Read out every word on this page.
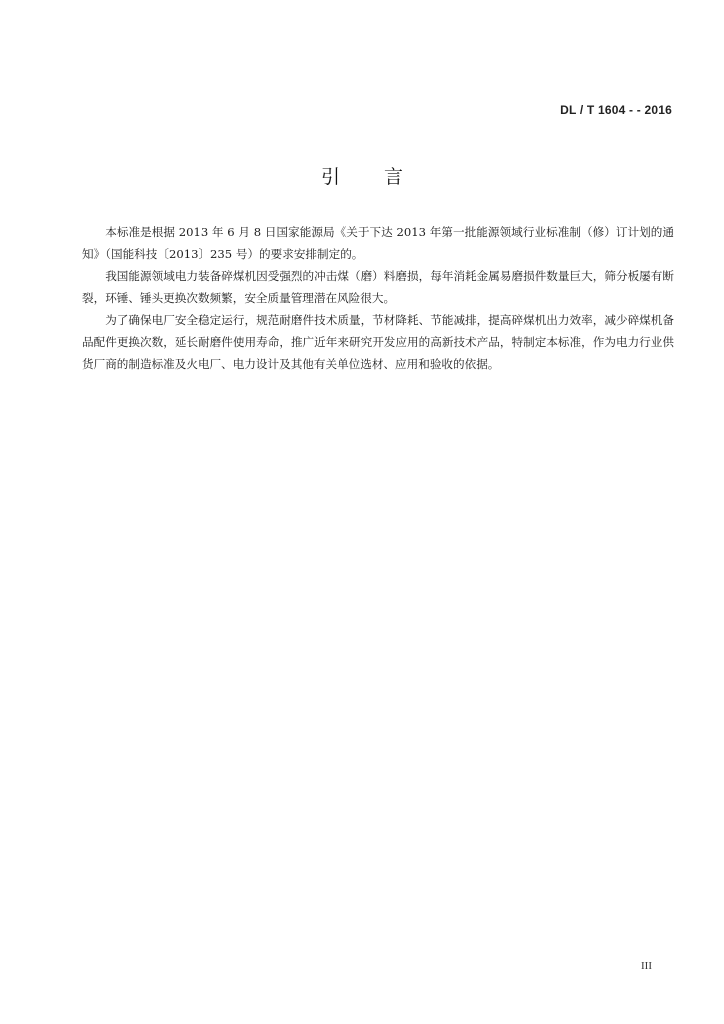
DL / T 1604 - - 2016
引言

本标准是根据 2013 年 6 月 8 日国家能源局《关于下达 2013 年第一批能源领域行业标准制（修）订计划的通知》（国能科技〔2013〕235 号）的要求安排制定的。

我国能源领域电力装备碎煤机因受强烈的冲击煤（磨）料磨损，每年消耗金属易磨损件数量巨大，筛分板屡有断裂，环锤、锤头更换次数频繁，安全质量管理潜在风险很大。

为了确保电厂安全稳定运行，规范耐磨件技术质量，节材降耗、节能减排，提高碎煤机出力效率，减少碎煤机备品配件更换次数，延长耐磨件使用寿命，推广近年来研究开发应用的高新技术产品，特制定本标准，作为电力行业供货厂商的制造标准及火电厂、电力设计及其他有关单位选材、应用和验收的依据。

III
